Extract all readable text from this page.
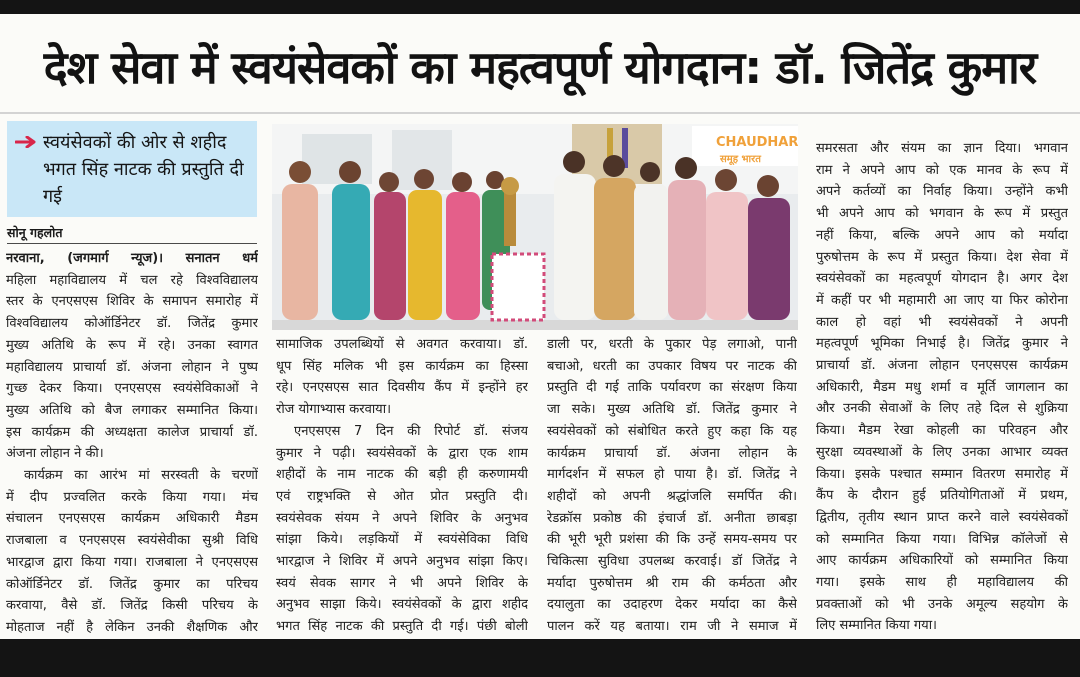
देश सेवा में स्वयंसेवकों का महत्वपूर्ण योगदान: डॉ. जितेंद्र कुमार
स्वयंसेवकों की ओर से शहीद भगत सिंह नाटक की प्रस्तुति दी गई
सोनू गहलोत
नरवाना, (जगमार्ग न्यूज)। सनातन धर्म
महिला महाविद्यालय में चल रहे विश्वविद्यालय
स्तर के एनएसएस शिविर के समापन समारोह में
विश्वविद्यालय कोऑर्डिनेटर डॉ. जितेंद्र कुमार
मुख्य अतिथि के रूप में रहे। उनका स्वागत
महाविद्यालय प्राचार्या डॉ. अंजना लोहान ने पुष्प
गुच्छ देकर किया। एनएसएस स्वयंसेविकाओं ने
मुख्य अतिथि को बैज लगाकर सम्मानित किया।
इस कार्यक्रम की अध्यक्षता कालेज प्राचार्या डॉ.
अंजना लोहान ने की।
कार्यक्रम का आरंभ मां सरस्वती के चरणों
में दीप प्रज्वलित करके किया गया। मंच
संचालन एनएसएस कार्यक्रम अधिकारी मैडम
राजबाला व एनएसएस स्वयंसेवीका सुश्री विधि
भारद्वाज द्वारा किया गया। राजबाला ने एनएसएस
कोऑर्डिनेटर डॉ. जितेंद्र कुमार का परिचय
करवाया, वैसे डॉ. जितेंद्र किसी परिचय के
मोहताज नहीं है लेकिन उनकी शैक्षणिक और
CHAUDHAR
समूह भारत
सामाजिक उपलब्धियों से अवगत करवाया। डॉ.
धूप सिंह मलिक भी इस कार्यक्रम का हिस्सा
रहे। एनएसएस सात दिवसीय कैंप में इन्होंने हर
रोज योगाभ्यास करवाया।
एनएसएस 7 दिन की रिपोर्ट डॉ. संजय
कुमार ने पढ़ी। स्वयंसेवकों के द्वारा एक शाम
शहीदों के नाम नाटक की बड़ी ही करुणामयी
एवं राष्ट्रभक्ति से ओत प्रोत प्रस्तुति दी।
स्वयंसेवक संयम ने अपने शिविर के अनुभव
सांझा किये। लड़कियों में स्वयंसेविका विधि
भारद्वाज ने शिविर में अपने अनुभव सांझा किए।
स्वयं सेवक सागर ने भी अपने शिविर के
अनुभव साझा किये। स्वयंसेवकों के द्वारा शहीद
भगत सिंह नाटक की प्रस्तुति दी गई। पंछी बोली
डाली पर, धरती के पुकार पेड़ लगाओ, पानी
बचाओ, धरती का उपकार विषय पर नाटक की
प्रस्तुति दी गई ताकि पर्यावरण का संरक्षण किया
जा सके। मुख्य अतिथि डॉ. जितेंद्र कुमार ने
स्वयंसेवकों को संबोधित करते हुए कहा कि यह
कार्यक्रम प्राचार्या डॉ. अंजना लोहान के
मार्गदर्शन में सफल हो पाया है। डॉ. जितेंद्र ने
शहीदों को अपनी श्रद्धांजलि समर्पित की।
रेडक्रॉस प्रकोष्ठ की इंचार्ज डॉ. अनीता छाबड़ा
की भूरी भूरी प्रशंसा की कि उन्हें समय-समय पर
चिकित्सा सुविधा उपलब्ध करवाई। डॉ जितेंद्र ने
मर्यादा पुरुषोत्तम श्री राम की कर्मठता और
दयालुता का उदाहरण देकर मर्यादा का कैसे
पालन करें यह बताया। राम जी ने समाज में
समरसता और संयम का ज्ञान दिया। भगवान
राम ने अपने आप को एक मानव के रूप में
अपने कर्तव्यों का निर्वाह किया। उन्होंने कभी
भी अपने आप को भगवान के रूप में प्रस्तुत
नहीं किया, बल्कि अपने आप को मर्यादा
पुरुषोत्तम के रूप में प्रस्तुत किया। देश सेवा में
स्वयंसेवकों का महत्वपूर्ण योगदान है। अगर देश
में कहीं पर भी महामारी आ जाए या फिर कोरोना
काल हो वहां भी स्वयंसेवकों ने अपनी
महत्वपूर्ण भूमिका निभाई है। जितेंद्र कुमार ने
प्राचार्या डॉ. अंजना लोहान एनएसएस कार्यक्रम
अधिकारी, मैडम मधु शर्मा व मूर्ति जागलान का
और उनकी सेवाओं के लिए तहे दिल से शुक्रिया
किया। मैडम रेखा कोहली का परिवहन और
सुरक्षा व्यवस्थाओं के लिए उनका आभार व्यक्त
किया। इसके पश्चात सम्मान वितरण समारोह में
कैंप के दौरान हुई प्रतियोगिताओं में प्रथम,
द्वितीय, तृतीय स्थान प्राप्त करने वाले स्वयंसेवकों
को सम्मानित किया गया। विभिन्न कॉलेजों से
आए कार्यक्रम अधिकारियों को सम्मानित किया
गया। इसके साथ ही महाविद्यालय की
प्रवक्ताओं को भी उनके अमूल्य सहयोग के
लिए सम्मानित किया गया।
